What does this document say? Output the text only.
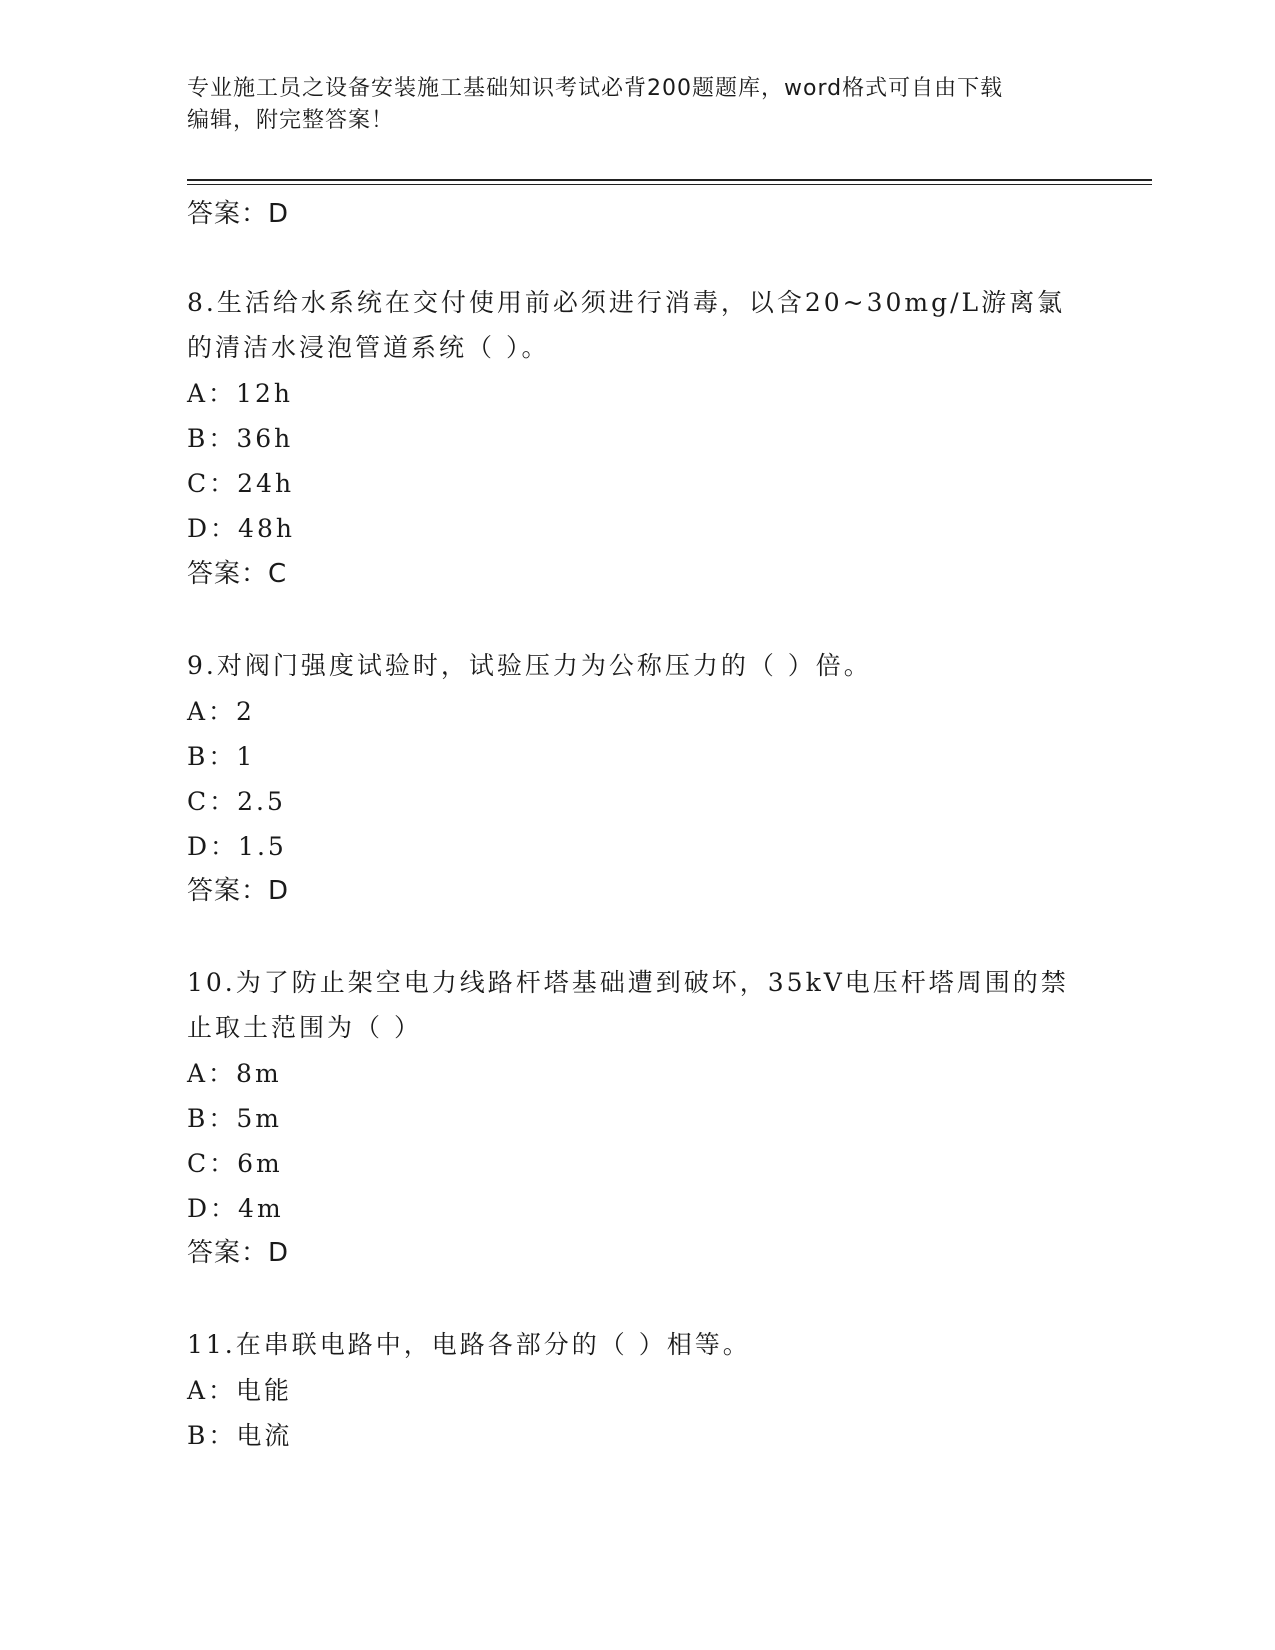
专业施工员之设备安装施工基础知识考试必背200题题库，word格式可自由下载
编辑，附完整答案！
答案：D
8.生活给水系统在交付使用前必须进行消毒，以含20~30mg/L游离氯
的清洁水浸泡管道系统（ ）。
A：12h
B：36h
C：24h
D：48h
答案：C
9.对阀门强度试验时，试验压力为公称压力的（ ）倍。
A：2
B：1
C：2.5
D：1.5
答案：D
10.为了防止架空电力线路杆塔基础遭到破坏，35kV电压杆塔周围的禁
止取土范围为（ ）
A：8m
B：5m
C：6m
D：4m
答案：D
11.在串联电路中，电路各部分的（ ）相等。
A：电能
B：电流
